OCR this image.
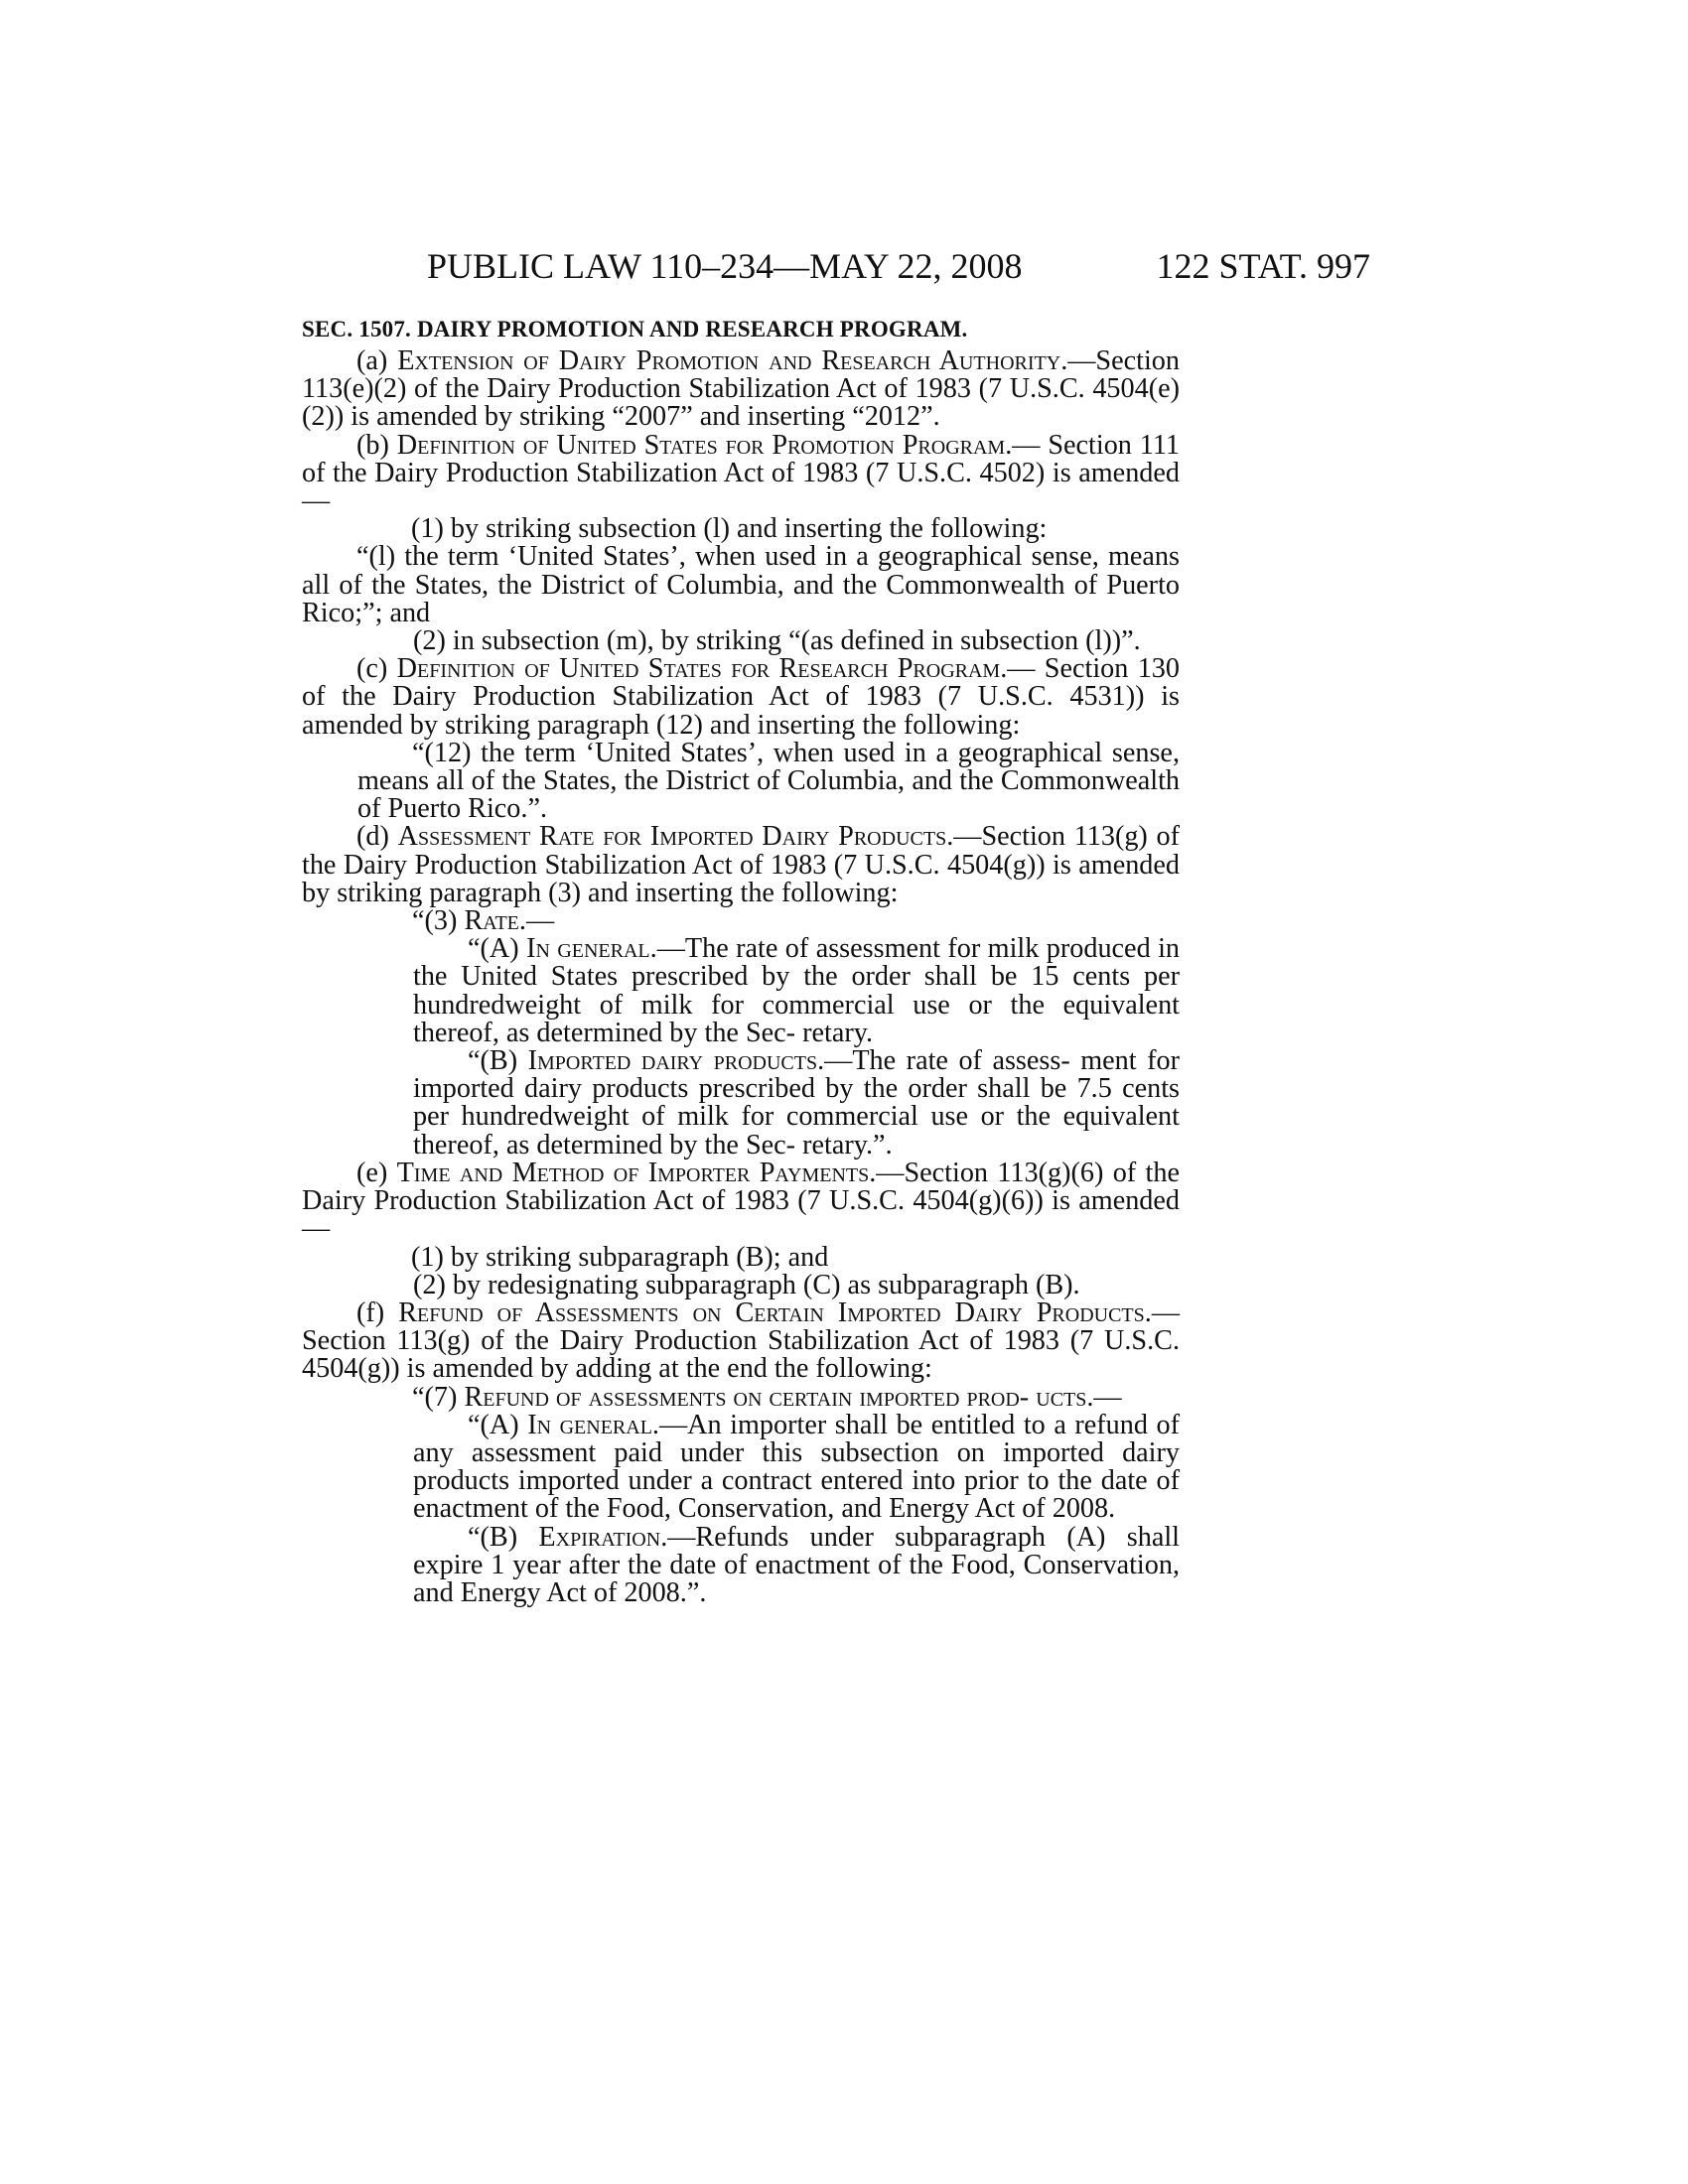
PUBLIC LAW 110–234—MAY 22, 2008	122 STAT. 997
SEC. 1507. DAIRY PROMOTION AND RESEARCH PROGRAM.

(a) Extension of Dairy Promotion and Research Authority.—Section 113(e)(2) of the Dairy Production Stabilization Act of 1983 (7 U.S.C. 4504(e)(2)) is amended by striking “2007” and inserting “2012”.

(b) Definition of United States for Promotion Program.— Section 111 of the Dairy Production Stabilization Act of 1983 (7 U.S.C. 4502) is amended—

(1) by striking subsection (l) and inserting the following:

“(l) the term ‘United States’, when used in a geographical sense, means all of the States, the District of Columbia, and the Commonwealth of Puerto Rico;”; and

(2) in subsection (m), by striking “(as defined in subsection (l))”.

(c) Definition of United States for Research Program.— Section 130 of the Dairy Production Stabilization Act of 1983 (7 U.S.C. 4531)) is amended by striking paragraph (12) and inserting the following:

“(12) the term ‘United States’, when used in a geographical sense, means all of the States, the District of Columbia, and the Commonwealth of Puerto Rico.”.

(d) Assessment Rate for Imported Dairy Products.—Section 113(g) of the Dairy Production Stabilization Act of 1983 (7 U.S.C. 4504(g)) is amended by striking paragraph (3) and inserting the following:

“(3) Rate.—

“(A) In general.—The rate of assessment for milk produced in the United States prescribed by the order shall be 15 cents per hundredweight of milk for commercial use or the equivalent thereof, as determined by the Sec- retary.

“(B) Imported dairy products.—The rate of assess- ment for imported dairy products prescribed by the order shall be 7.5 cents per hundredweight of milk for commercial use or the equivalent thereof, as determined by the Sec- retary.”.

(e) Time and Method of Importer Payments.—Section 113(g)(6) of the Dairy Production Stabilization Act of 1983 (7 U.S.C. 4504(g)(6)) is amended—

(1) by striking subparagraph (B); and

(2) by redesignating subparagraph (C) as subparagraph (B).

(f) Refund of Assessments on Certain Imported Dairy Products.—Section 113(g) of the Dairy Production Stabilization Act of 1983 (7 U.S.C. 4504(g)) is amended by adding at the end the following:

“(7) Refund of assessments on certain imported prod- ucts.—

“(A) In general.—An importer shall be entitled to a refund of any assessment paid under this subsection on imported dairy products imported under a contract entered into prior to the date of enactment of the Food, Conservation, and Energy Act of 2008.

“(B) Expiration.—Refunds under subparagraph (A) shall expire 1 year after the date of enactment of the Food, Conservation, and Energy Act of 2008.”.
